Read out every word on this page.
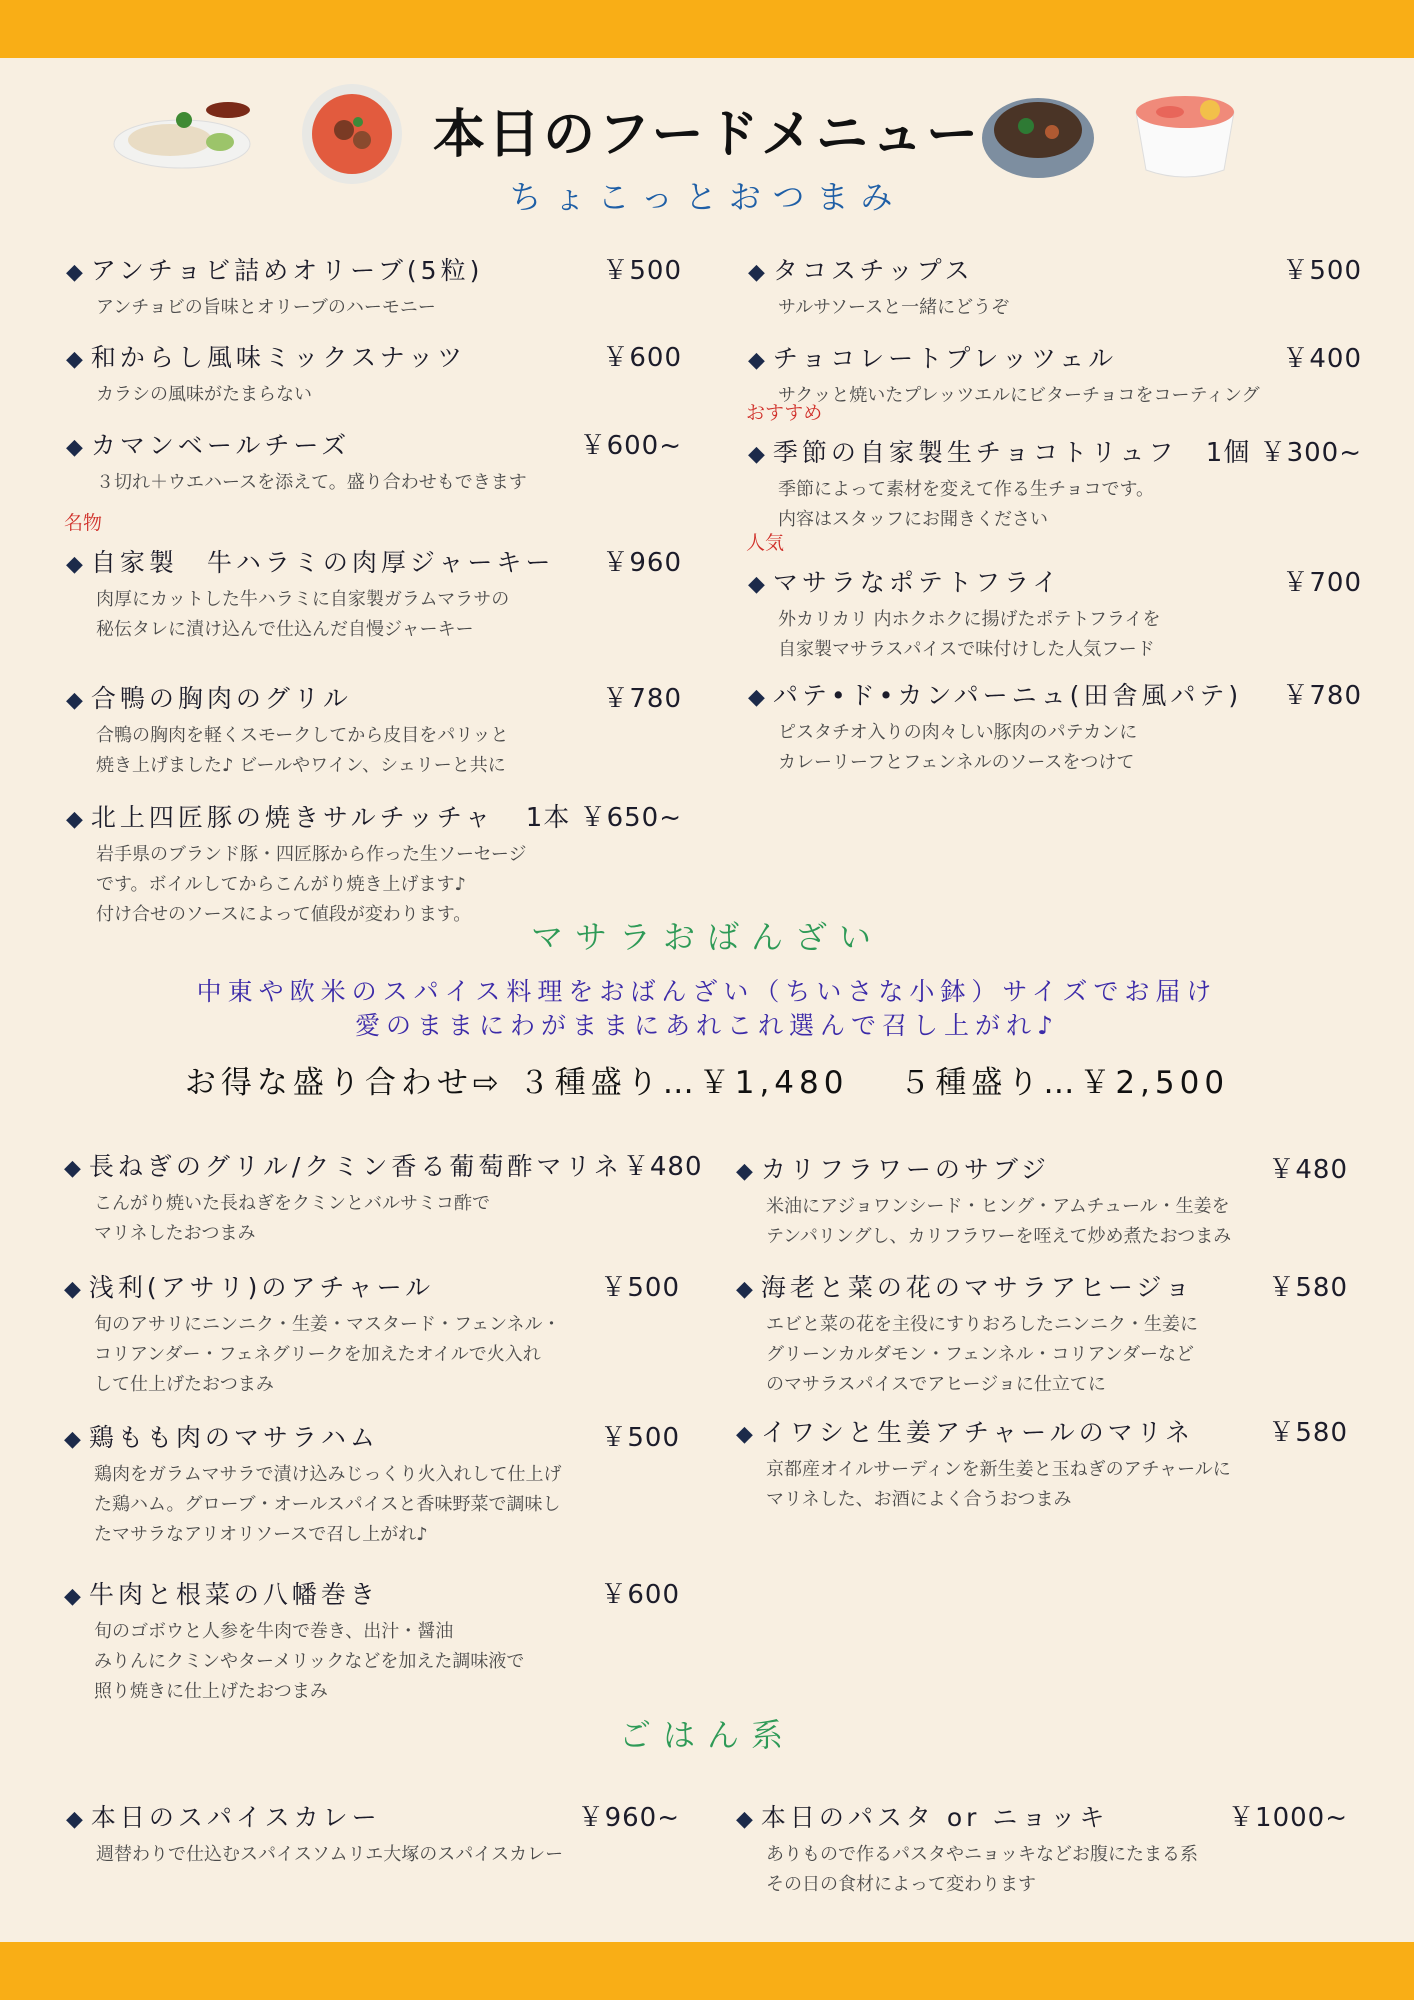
本日のフードメニュー
ちょこっとおつまみ
◆ アンチョビ詰めオリーブ(5粒)	￥500
アンチョビの旨味とオリーブのハーモニー
◆ 和からし風味ミックスナッツ	￥600
カラシの風味がたまらない
◆ カマンベールチーズ	￥600~
３切れ＋ウエハースを添えて。盛り合わせもできます
名物
◆ 自家製　牛ハラミの肉厚ジャーキー ￥960
肉厚にカットした牛ハラミに自家製ガラムマラサの
秘伝タレに漬け込んで仕込んだ自慢ジャーキー
◆ 合鴨の胸肉のグリル	￥780
合鴨の胸肉を軽くスモークしてから皮目をパリッと
焼き上げました♪ ビールやワイン、シェリーと共に
◆ 北上四匠豚の焼きサルチッチャ 1本 ￥650~
岩手県のブランド豚・四匠豚から作った生ソーセージ
です。ボイルしてからこんがり焼き上げます♪
付け合せのソースによって値段が変わります。
◆ タコスチップス	￥500
サルサソースと一緒にどうぞ
◆ チョコレートプレッツェル	￥400
サクッと焼いたプレッツエルにビターチョコをコーティング
おすすめ
◆ 季節の自家製生チョコトリュフ 1個 ￥300~
季節によって素材を変えて作る生チョコです。
内容はスタッフにお聞きください
人気
◆ マサラなポテトフライ	￥700
外カリカリ 内ホクホクに揚げたポテトフライを
自家製マサラスパイスで味付けした人気フード
◆ パテ•ド•カンパーニュ(田舎風パテ) ￥780
ピスタチオ入りの肉々しい豚肉のパテカンに
カレーリーフとフェンネルのソースをつけて
◆ 長ねぎのグリル/クミン香る葡萄酢マリネ ￥480
こんがり焼いた長ねぎをクミンとバルサミコ酢で
マリネしたおつまみ
◆ 浅利(アサリ)のアチャール	￥500
旬のアサリにニンニク・生姜・マスタード・フェンネル・
コリアンダー・フェネグリークを加えたオイルで火入れ
して仕上げたおつまみ
◆ 鶏もも肉のマサラハム	￥500
鶏肉をガラムマサラで漬け込みじっくり火入れして仕上げ
た鶏ハム。グローブ・オールスパイスと香味野菜で調味し
たマサラなアリオリソースで召し上がれ♪
◆ 牛肉と根菜の八幡巻き	￥600
旬のゴボウと人参を牛肉で巻き、出汁・醤油
みりんにクミンやターメリックなどを加えた調味液で
照り焼きに仕上げたおつまみ
◆ カリフラワーのサブジ	￥480
米油にアジョワンシード・ヒング・アムチュール・生姜を
テンパリングし、カリフラワーを咥えて炒め煮たおつまみ
◆ 海老と菜の花のマサラアヒージョ	￥580
エビと菜の花を主役にすりおろしたニンニク・生姜に
グリーンカルダモン・フェンネル・コリアンダーなど
のマサラスパイスでアヒージョに仕立てに
◆ イワシと生姜アチャールのマリネ	￥580
京都産オイルサーディンを新生姜と玉ねぎのアチャールに
マリネした、お酒によく合うおつまみ
◆ 本日のスパイスカレー	￥960~
週替わりで仕込むスパイスソムリエ大塚のスパイスカレー
◆ 本日のパスタ or ニョッキ	￥1000~
ありもので作るパスタやニョッキなどお腹にたまる系
その日の食材によって変わります
マサラおばんざい
中東や欧米のスパイス料理をおばんざい（ちいさな小鉢）サイズでお届け
愛のままにわがままにあれこれ選んで召し上がれ♪
お得な盛り合わせ⇨ ３種盛り…￥1,480　 ５種盛り…￥2,500
ごはん系
